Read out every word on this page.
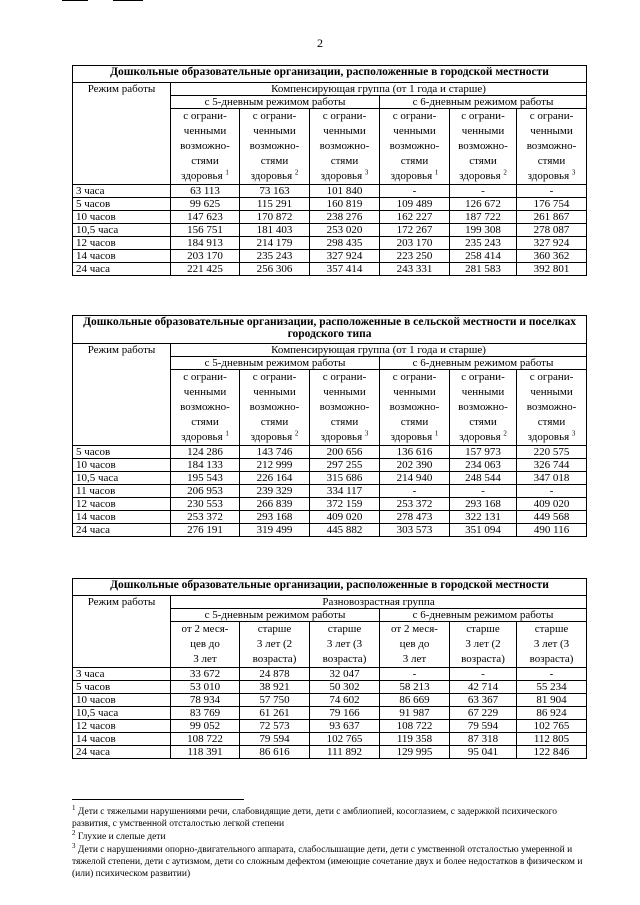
2
Дошкольные образовательные организации, расположенные в городской местности						
Режим работы	Компенсирующая группа (от 1 года и старше)					
	с 5-дневным режимом работы			с 6-дневным режимом работы		
	с ограни-
ченными
возможно-
стями
здоровья $^1$	с ограни-
ченными
возможно-
стями
здоровья $^2$	с ограни-
ченными
возможно-
стями
здоровья $^3$	с ограни-
ченными
возможно-
стями
здоровья $^1$	с ограни-
ченными
возможно-
стями
здоровья $^2$	с ограни-
ченными
возможно-
стями
здоровья $^3$
3 часа	63 113	73 163	101 840	-	-	-
5 часов	99 625	115 291	160 819	109 489	126 672	176 754
10 часов	147 623	170 872	238 276	162 227	187 722	261 867
10,5 часа	156 751	181 403	253 020	172 267	199 308	278 087
12 часов	184 913	214 179	298 435	203 170	235 243	327 924
14 часов	203 170	235 243	327 924	223 250	258 414	360 362
24 часа	221 425	256 306	357 414	243 331	281 583	392 801
Дошкольные образовательные организации, расположенные в сельской местности и поселках городского типа						
Режим работы	Компенсирующая группа (от 1 года и старше)					
	с 5-дневным режимом работы			с 6-дневным режимом работы		
	с ограни-
ченными
возможно-
стями
здоровья $^1$	с ограни-
ченными
возможно-
стями
здоровья $^2$	с ограни-
ченными
возможно-
стями
здоровья $^3$	с ограни-
ченными
возможно-
стями
здоровья $^1$	с ограни-
ченными
возможно-
стями
здоровья $^2$	с ограни-
ченными
возможно-
стями
здоровья $^3$
5 часов	124 286	143 746	200 656	136 616	157 973	220 575
10 часов	184 133	212 999	297 255	202 390	234 063	326 744
10,5 часа	195 543	226 164	315 686	214 940	248 544	347 018
11 часов	206 953	239 329	334 117	-	-	-
12 часов	230 553	266 839	372 159	253 372	293 168	409 020
14 часов	253 372	293 168	409 020	278 473	322 131	449 568
24 часа	276 191	319 499	445 882	303 573	351 094	490 116
Дошкольные образовательные организации, расположенные в городской местности						
Режим работы	Разновозрастная группа					
	с 5-дневным режимом работы			с 6-дневным режимом работы		
	от 2 меся-
цев до
3 лет	старше
3 лет (2
возраста)	старше
3 лет (3
возраста)	от 2 меся-
цев до
3 лет	старше
3 лет (2
возраста)	старше
3 лет (3
возраста)
3 часа	33 672	24 878	32 047	-	-	-
5 часов	53 010	38 921	50 302	58 213	42 714	55 234
10 часов	78 934	57 750	74 602	86 669	63 367	81 904
10,5 часа	83 769	61 261	79 166	91 987	67 229	86 924
12 часов	99 052	72 573	93 637	108 722	79 594	102 765
14 часов	108 722	79 594	102 765	119 358	87 318	112 805
24 часа	118 391	86 616	111 892	129 995	95 041	122 846

$^1$ Дети с тяжелыми нарушениями речи, слабовидящие дети, дети с амблиопией, косоглазием, с задержкой психического развития, с умственной отсталостью легкой степени

$^2$ Глухие и слепые дети

$^3$ Дети с нарушениями опорно-двигательного аппарата, слабослышащие дети, дети с умственной отсталостью умеренной и тяжелой степени, дети с аутизмом, дети со сложным дефектом (имеющие сочетание двух и более недостатков в физическом и (или) психическом развитии)
